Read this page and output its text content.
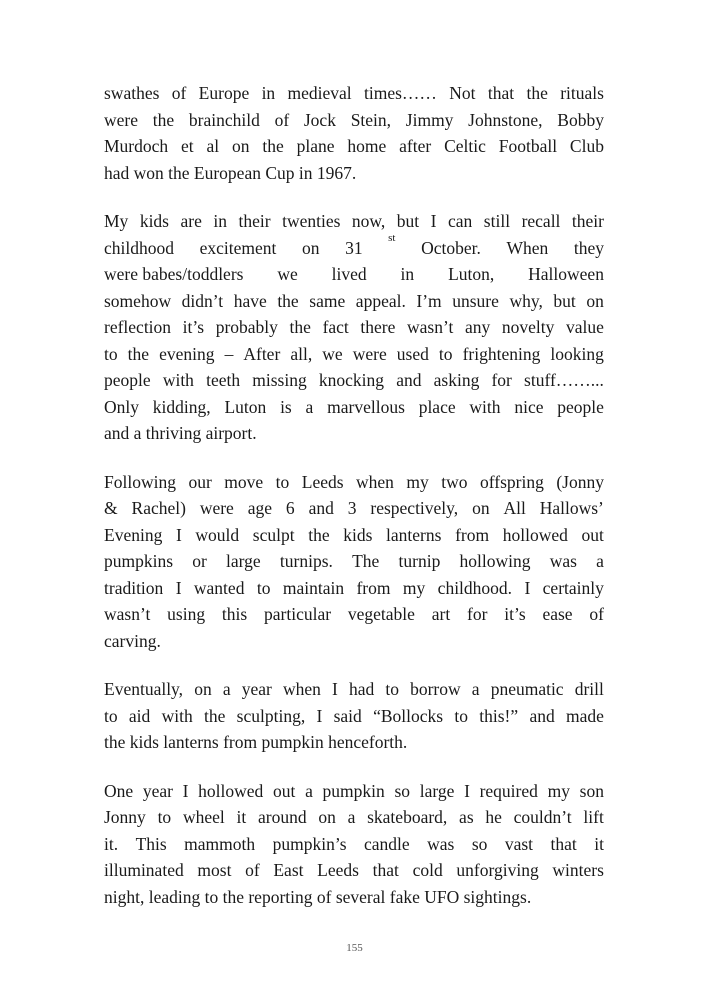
swathes of Europe in medieval times…… Not that the rituals
were the brainchild of Jock Stein, Jimmy Johnstone, Bobby
Murdoch et al on the plane home after Celtic Football Club
had won the European Cup in 1967.

My kids are in their twenties now, but I can still recall their
childhood excitement on 31 st October. When they
were babes/toddlers we lived in Luton, Halloween
somehow didn’t have the same appeal. I’m unsure why, but on
reflection it’s probably the fact there wasn’t any novelty value
to the evening – After all, we were used to frightening looking
people with teeth missing knocking and asking for stuff……...
Only kidding, Luton is a marvellous place with nice people
and a thriving airport.

Following our move to Leeds when my two offspring (Jonny
& Rachel) were age 6 and 3 respectively, on All Hallows’
Evening I would sculpt the kids lanterns from hollowed out
pumpkins or large turnips. The turnip hollowing was a
tradition I wanted to maintain from my childhood. I certainly
wasn’t using this particular vegetable art for it’s ease of
carving.

Eventually, on a year when I had to borrow a pneumatic drill
to aid with the sculpting, I said “Bollocks to this!” and made
the kids lanterns from pumpkin henceforth.

One year I hollowed out a pumpkin so large I required my son
Jonny to wheel it around on a skateboard, as he couldn’t lift
it. This mammoth pumpkin’s candle was so vast that it
illuminated most of East Leeds that cold unforgiving winters
night, leading to the reporting of several fake UFO sightings.

155
